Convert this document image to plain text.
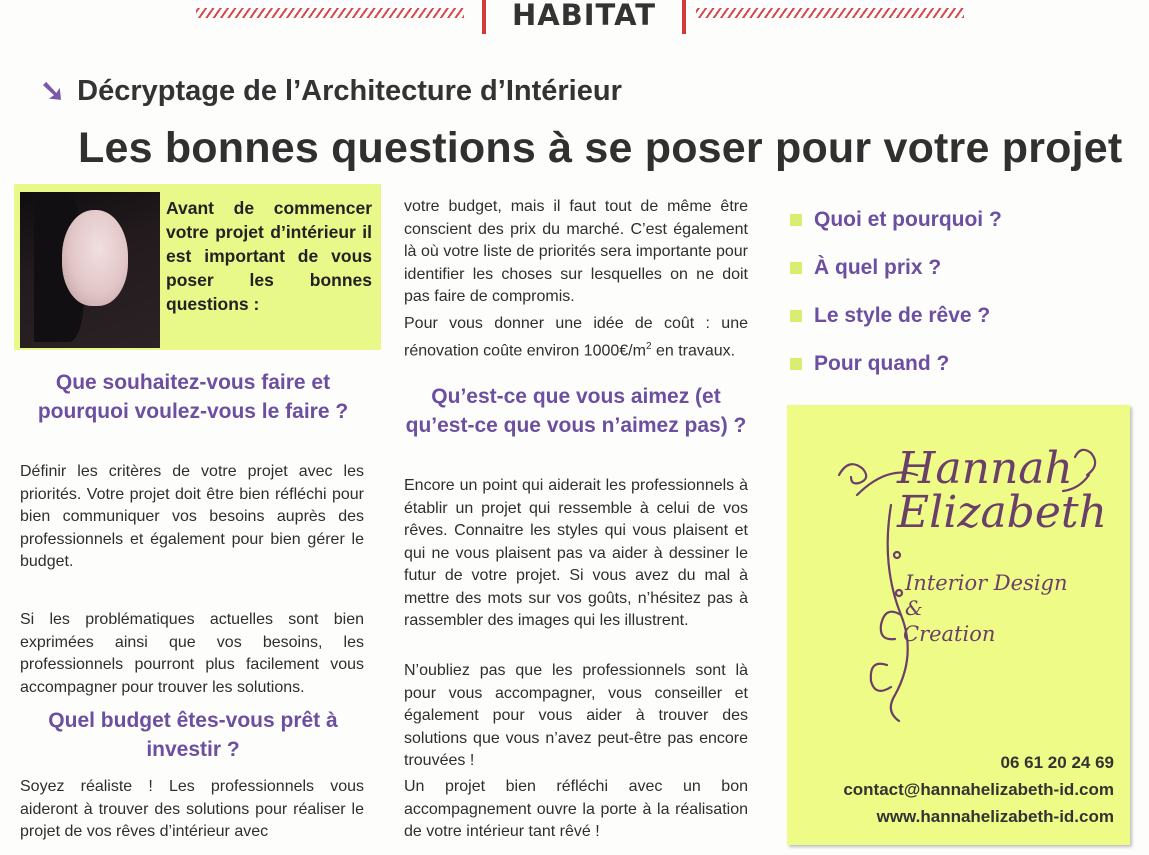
HABITAT
➘ Décryptage de l’Architecture d’Intérieur
Les bonnes questions à se poser pour votre projet
Avant de commencer votre projet d’intérieur il est important de vous poser les bonnes questions :
Que souhaitez-vous faire et pourquoi voulez-vous le faire ?

Définir les critères de votre projet avec les priorités. Votre projet doit être bien réfléchi pour bien communiquer vos besoins auprès des professionnels et également pour bien gérer le budget.

Si les problématiques actuelles sont bien exprimées ainsi que vos besoins, les professionnels pourront plus facilement vous accompagner pour trouver les solutions.

Quel budget êtes-vous prêt à investir ?

Soyez réaliste ! Les professionnels vous aideront à trouver des solutions pour réaliser le projet de vos rêves d’intérieur avec

votre budget, mais il faut tout de même être conscient des prix du marché. C’est également là où votre liste de priorités sera importante pour identifier les choses sur lesquelles on ne doit pas faire de compromis.

Pour vous donner une idée de coût : une rénovation coûte environ $1000€/m^2$ en travaux.

Qu’est-ce que vous aimez (et qu’est-ce que vous n’aimez pas) ?

Encore un point qui aiderait les professionnels à établir un projet qui ressemble à celui de vos rêves. Connaitre les styles qui vous plaisent et qui ne vous plaisent pas va aider à dessiner le futur de votre projet. Si vous avez du mal à mettre des mots sur vos goûts, n’hésitez pas à rassembler des images qui les illustrent.

N’oubliez pas que les professionnels sont là pour vous accompagner, vous conseiller et également pour vous aider à trouver des solutions que vous n’avez peut-être pas encore trouvées !

Un projet bien réfléchi avec un bon accompagnement ouvre la porte à la réalisation de votre intérieur tant rêvé !

Quoi et pourquoi ?
À quel prix ?
Le style de rêve ?
Pour quand ?
Hannah
Elizabeth
Interior Design
&
Creation
06 61 20 24 69
contact@hannahelizabeth-id.com
www.hannahelizabeth-id.com
